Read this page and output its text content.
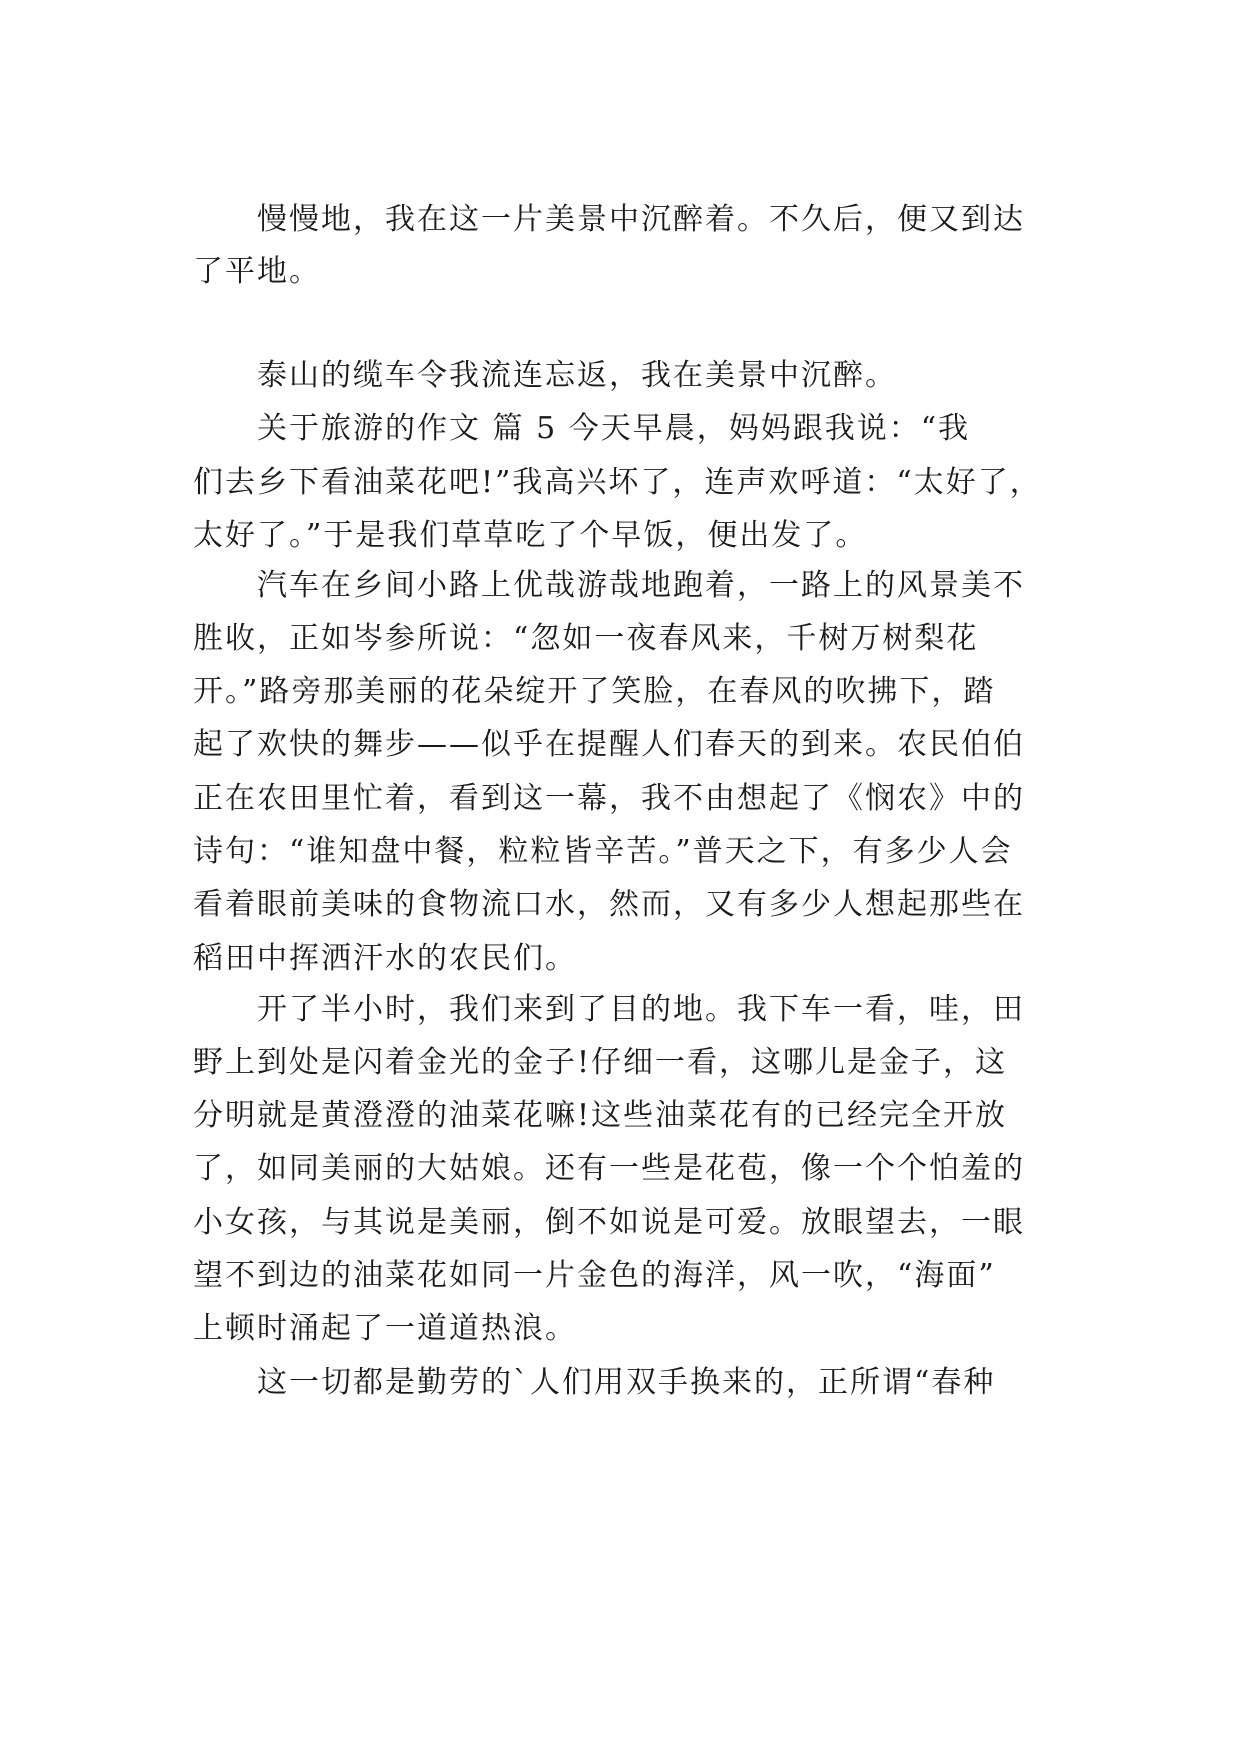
慢慢地，我在这一片美景中沉醉着。不久后，便又到达

了平地。

泰山的缆车令我流连忘返，我在美景中沉醉。

关于旅游的作文 篇 5 今天早晨，妈妈跟我说：“我

们去乡下看油菜花吧!”我高兴坏了，连声欢呼道：“太好了，

太好了。”于是我们草草吃了个早饭，便出发了。

汽车在乡间小路上优哉游哉地跑着，一路上的风景美不

胜收，正如岑参所说：“忽如一夜春风来，千树万树梨花

开。”路旁那美丽的花朵绽开了笑脸，在春风的吹拂下，踏

起了欢快的舞步——似乎在提醒人们春天的到来。农民伯伯

正在农田里忙着，看到这一幕，我不由想起了《悯农》中的

诗句：“谁知盘中餐，粒粒皆辛苦。”普天之下，有多少人会

看着眼前美味的食物流口水，然而，又有多少人想起那些在

稻田中挥洒汗水的农民们。

开了半小时，我们来到了目的地。我下车一看，哇，田

野上到处是闪着金光的金子!仔细一看，这哪儿是金子，这

分明就是黄澄澄的油菜花嘛!这些油菜花有的已经完全开放

了，如同美丽的大姑娘。还有一些是花苞，像一个个怕羞的

小女孩，与其说是美丽，倒不如说是可爱。放眼望去，一眼

望不到边的油菜花如同一片金色的海洋，风一吹，“海面”

上顿时涌起了一道道热浪。

这一切都是勤劳的`人们用双手换来的，正所谓“春种
